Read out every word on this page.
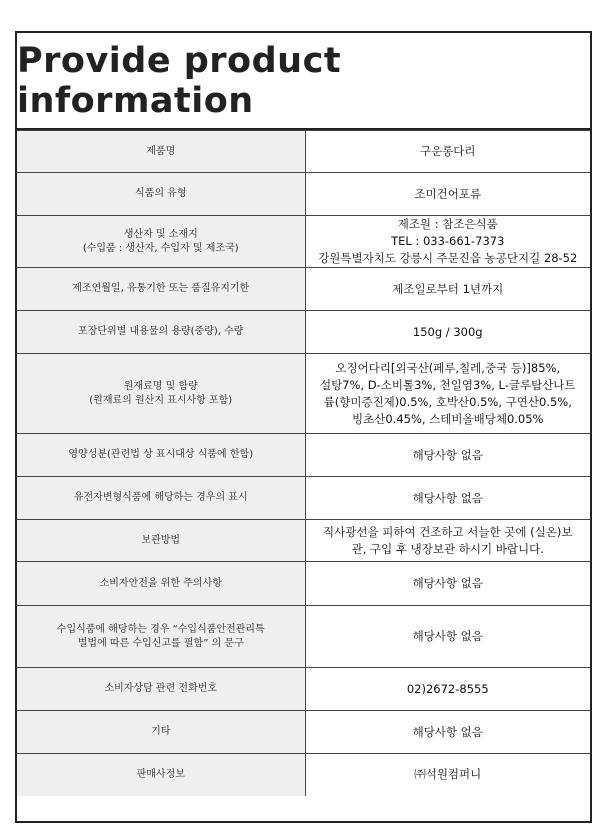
Provide product information
제품명	구운롱다리

식품의 유형	조미건어포류

생산자 및 소재지
(수입품 : 생산자, 수입자 및 제조국)	제조원 : 참조은식품
TEL : 033-661-7373
강원특별자치도 강릉시 주문진읍 농공단지길 28-52

제조연월일, 유통기한 또는 품질유지기한	제조일로부터 1년까지

포장단위별 내용물의 용량(중량), 수량	150g / 300g

원재료명 및 함량
(원재료의 원산지 표시사항 포함)	오징어다리[외국산(페루,칠레,중국 등)]85%,
설탕7%, D-소비톨3%, 천일염3%, L-글루탐산나트
륨(향미증진제)0.5%, 호박산0.5%, 구연산0.5%,
빙초산0.45%, 스테비올배당체0.05%

영양성분(관련법 상 표시대상 식품에 한함)	해당사항 없음

유전자변형식품에 해당하는 경우의 표시	해당사항 없음

보관방법	직사광선을 피하여 건조하고 서늘한 곳에 (실온)보
관, 구입 후 냉장보관 하시기 바랍니다.

소비자안전을 위한 주의사항	해당사항 없음

수입식품에 해당하는 경우 “수입식품안전관리특
별법에 따른 수입신고를 필함” 의 문구	해당사항 없음

소비자상담 관련 전화번호	02)2672-8555

기타	해당사항 없음

판매사정보	㈜석원컴퍼니
